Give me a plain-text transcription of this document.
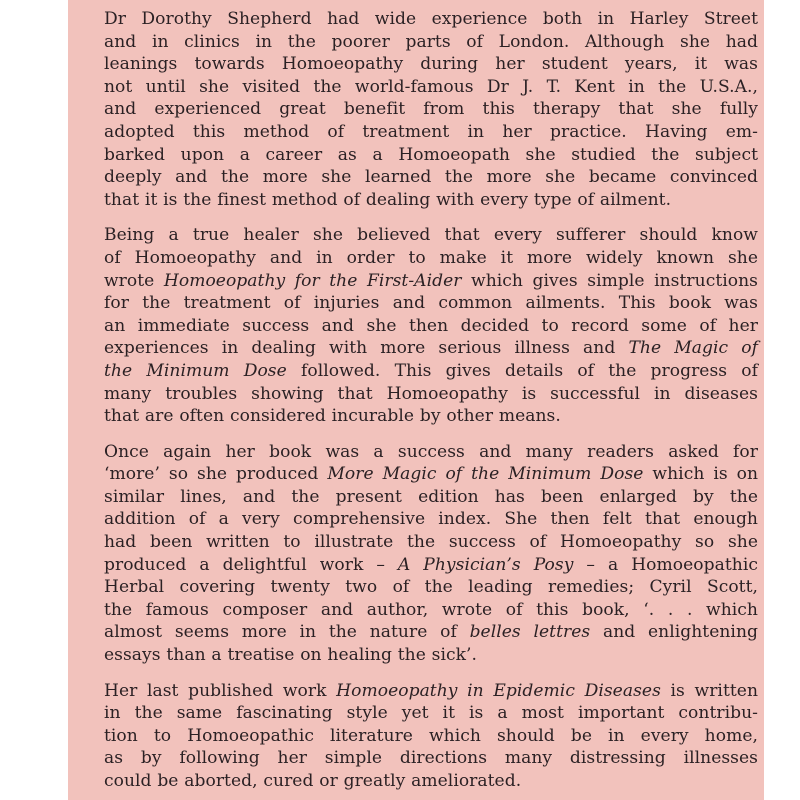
Dr Dorothy Shepherd had wide experience both in Harley Street
and in clinics in the poorer parts of London. Although she had
leanings towards Homoeopathy during her student years, it was
not until she visited the world-famous Dr J. T. Kent in the U.S.A.,
and experienced great benefit from this therapy that she fully
adopted this method of treatment in her practice. Having em-
barked upon a career as a Homoeopath she studied the subject
deeply and the more she learned the more she became convinced
that it is the finest method of dealing with every type of ailment.

Being a true healer she believed that every sufferer should know
of Homoeopathy and in order to make it more widely known she
wrote Homoeopathy for the First-Aider which gives simple instructions
for the treatment of injuries and common ailments. This book was
an immediate success and she then decided to record some of her
experiences in dealing with more serious illness and The Magic of
the Minimum Dose followed. This gives details of the progress of
many troubles showing that Homoeopathy is successful in diseases
that are often considered incurable by other means.

Once again her book was a success and many readers asked for
‘more’ so she produced More Magic of the Minimum Dose which is on
similar lines, and the present edition has been enlarged by the
addition of a very comprehensive index. She then felt that enough
had been written to illustrate the success of Homoeopathy so she
produced a delightful work – A Physician’s Posy – a Homoeopathic
Herbal covering twenty two of the leading remedies; Cyril Scott,
the famous composer and author, wrote of this book, ‘. . . which
almost seems more in the nature of belles lettres and enlightening
essays than a treatise on healing the sick’.

Her last published work Homoeopathy in Epidemic Diseases is written
in the same fascinating style yet it is a most important contribu-
tion to Homoeopathic literature which should be in every home,
as by following her simple directions many distressing illnesses
could be aborted, cured or greatly ameliorated.
